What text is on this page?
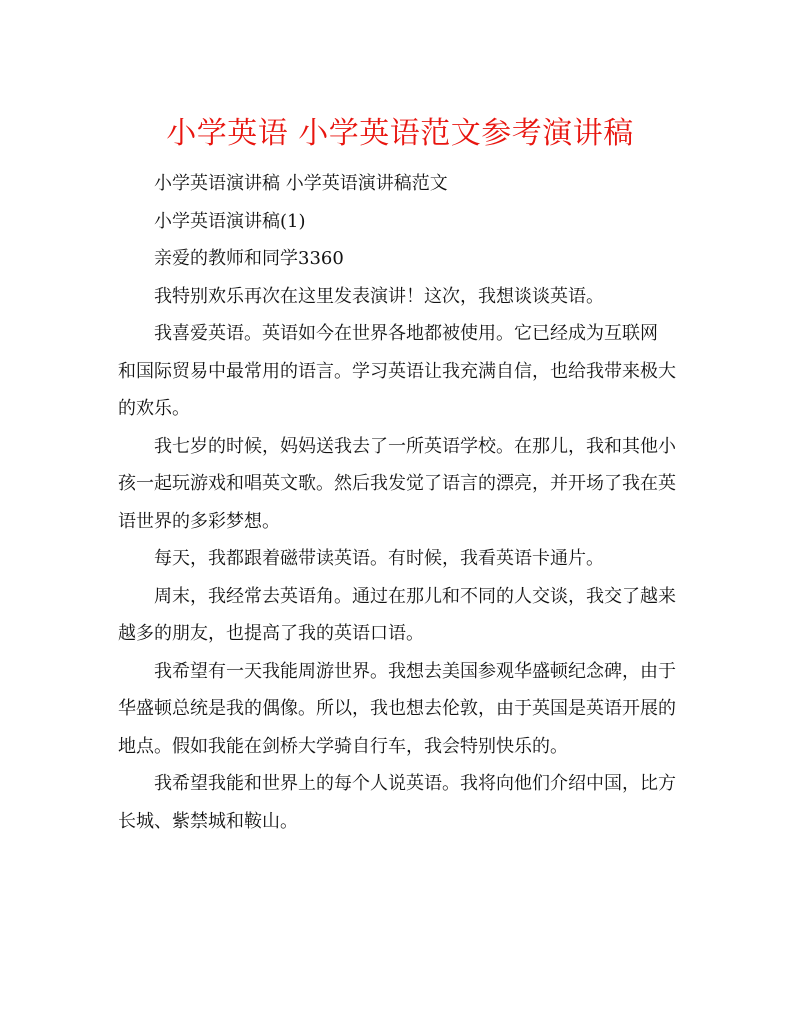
小学英语 小学英语范文参考演讲稿

小学英语演讲稿 小学英语演讲稿范文

小学英语演讲稿(1)

亲爱的教师和同学3360

我特别欢乐再次在这里发表演讲！这次，我想谈谈英语。

我喜爱英语。英语如今在世界各地都被使用。它已经成为互联网

和国际贸易中最常用的语言。学习英语让我充满自信，也给我带来极大

的欢乐。

我七岁的时候，妈妈送我去了一所英语学校。在那儿，我和其他小

孩一起玩游戏和唱英文歌。然后我发觉了语言的漂亮，并开场了我在英

语世界的多彩梦想。

每天，我都跟着磁带读英语。有时候，我看英语卡通片。

周末，我经常去英语角。通过在那儿和不同的人交谈，我交了越来

越多的朋友，也提高了我的英语口语。

我希望有一天我能周游世界。我想去美国参观华盛顿纪念碑，由于

华盛顿总统是我的偶像。所以，我也想去伦敦，由于英国是英语开展的

地点。假如我能在剑桥大学骑自行车，我会特别快乐的。

我希望我能和世界上的每个人说英语。我将向他们介绍中国，比方

长城、紫禁城和鞍山。
